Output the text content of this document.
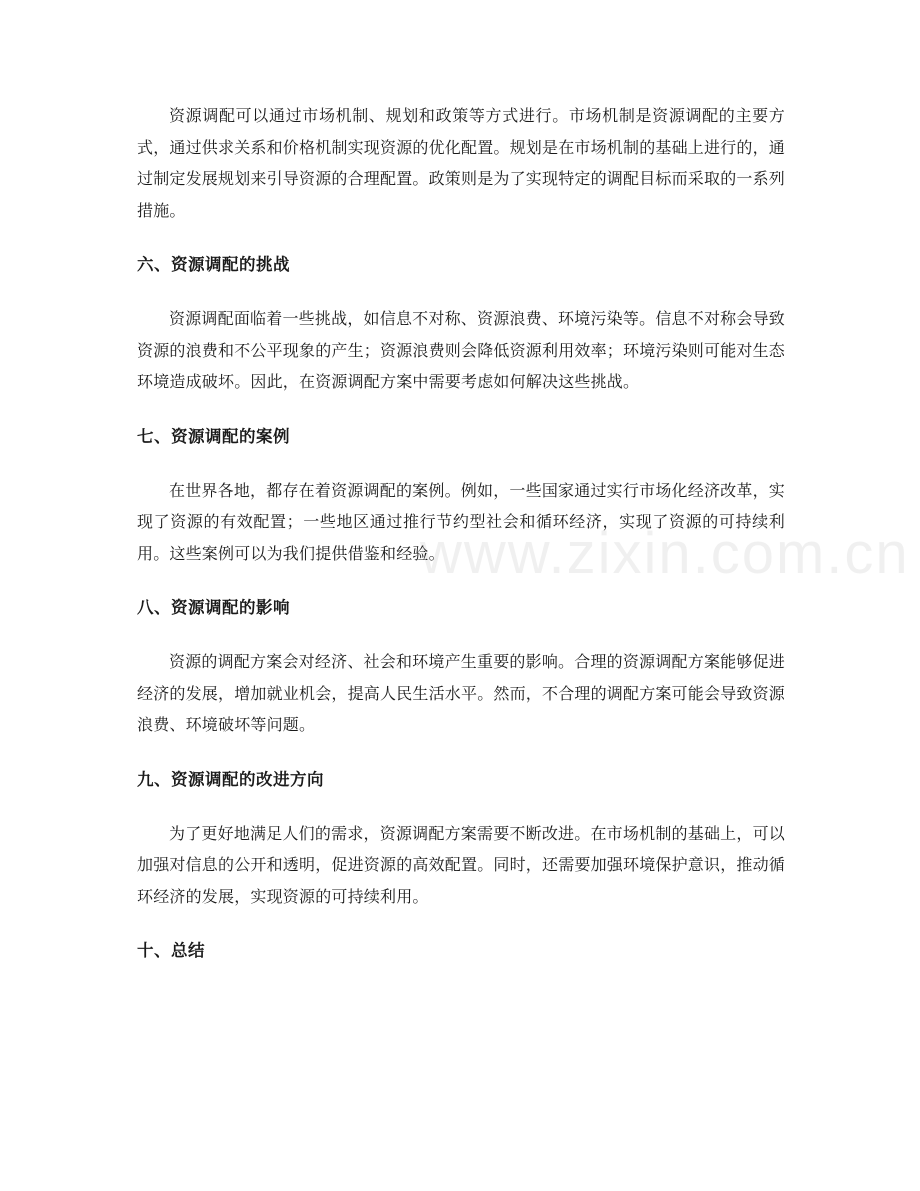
www.zixin.com.cn

资源调配可以通过市场机制、规划和政策等方式进行。市场机制是资源调配的主要方式，通过供求关系和价格机制实现资源的优化配置。规划是在市场机制的基础上进行的，通过制定发展规划来引导资源的合理配置。政策则是为了实现特定的调配目标而采取的一系列措施。

六、资源调配的挑战

资源调配面临着一些挑战，如信息不对称、资源浪费、环境污染等。信息不对称会导致资源的浪费和不公平现象的产生；资源浪费则会降低资源利用效率；环境污染则可能对生态环境造成破坏。因此，在资源调配方案中需要考虑如何解决这些挑战。

七、资源调配的案例

在世界各地，都存在着资源调配的案例。例如，一些国家通过实行市场化经济改革，实现了资源的有效配置；一些地区通过推行节约型社会和循环经济，实现了资源的可持续利用。这些案例可以为我们提供借鉴和经验。

八、资源调配的影响

资源的调配方案会对经济、社会和环境产生重要的影响。合理的资源调配方案能够促进经济的发展，增加就业机会，提高人民生活水平。然而，不合理的调配方案可能会导致资源浪费、环境破坏等问题。

九、资源调配的改进方向

为了更好地满足人们的需求，资源调配方案需要不断改进。在市场机制的基础上，可以加强对信息的公开和透明，促进资源的高效配置。同时，还需要加强环境保护意识，推动循环经济的发展，实现资源的可持续利用。

十、总结
